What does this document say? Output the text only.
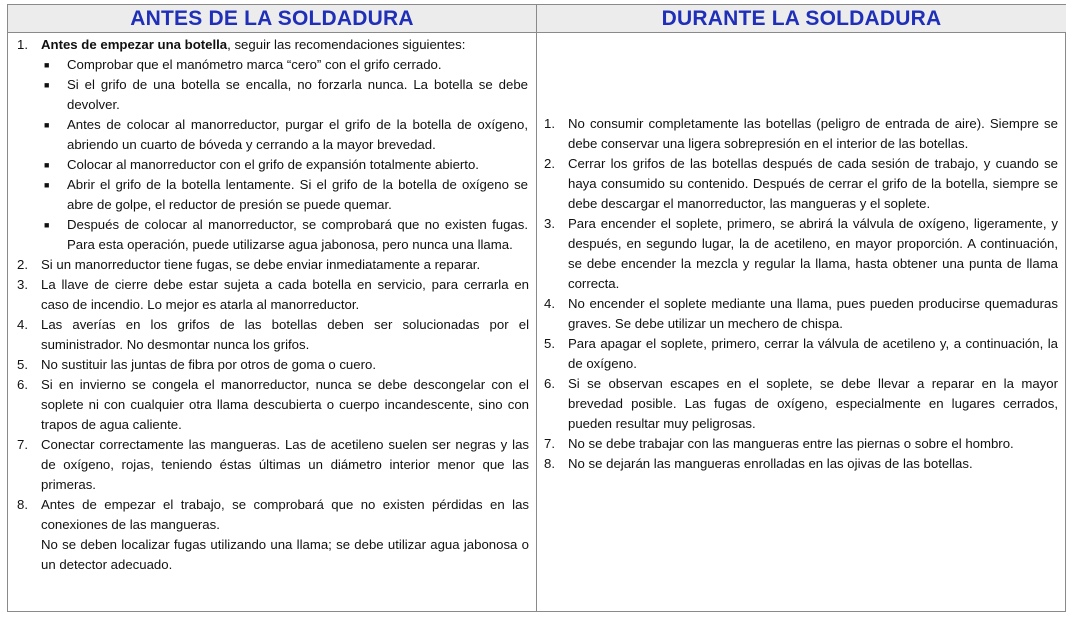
ANTES DE LA SOLDADURA	DURANTE LA SOLDADURA
1. Antes de empezar una botella, seguir las recomendaciones siguientes:
■	Comprobar que el manómetro marca “cero” con el grifo cerrado.
■	Si el grifo de una botella se encalla, no forzarla nunca. La botella se debe devolver.
■	Antes de colocar al manorreductor, purgar el grifo de la botella de oxígeno, abriendo un cuarto de bóveda y cerrando a la mayor brevedad.
■	Colocar al manorreductor con el grifo de expansión totalmente abierto.
■	Abrir el grifo de la botella lentamente. Si el grifo de la botella de oxígeno se abre de golpe, el reductor de presión se puede quemar.
■	Después de colocar al manorreductor, se comprobará que no existen fugas. Para esta operación, puede utilizarse agua jabonosa, pero nunca una llama.
2. Si un manorreductor tiene fugas, se debe enviar inmediatamente a reparar.
3. La llave de cierre debe estar sujeta a cada botella en servicio, para cerrarla en caso de incendio. Lo mejor es atarla al manorreductor.
4. Las averías en los grifos de las botellas deben ser solucionadas por el suministrador. No desmontar nunca los grifos.
5. No sustituir las juntas de fibra por otros de goma o cuero.
6. Si en invierno se congela el manorreductor, nunca se debe descongelar con el soplete ni con cualquier otra llama descubierta o cuerpo incandescente, sino con trapos de agua caliente.
7. Conectar correctamente las mangueras. Las de acetileno suelen ser negras y las de oxígeno, rojas, teniendo éstas últimas un diámetro interior menor que las primeras.
8. Antes de empezar el trabajo, se comprobará que no existen pérdidas en las conexiones de las mangueras.
No se deben localizar fugas utilizando una llama; se debe utilizar agua jabonosa o un detector adecuado.
1. No consumir completamente las botellas (peligro de entrada de aire). Siempre se debe conservar una ligera sobrepresión en el interior de las botellas.
2. Cerrar los grifos de las botellas después de cada sesión de trabajo, y cuando se haya consumido su contenido. Después de cerrar el grifo de la botella, siempre se debe descargar el manorreductor, las mangueras y el soplete.
3. Para encender el soplete, primero, se abrirá la válvula de oxígeno, ligeramente, y después, en segundo lugar, la de acetileno, en mayor proporción. A continuación, se debe encender la mezcla y regular la llama, hasta obtener una punta de llama correcta.
4. No encender el soplete mediante una llama, pues pueden producirse quemaduras graves. Se debe utilizar un mechero de chispa.
5. Para apagar el soplete, primero, cerrar la válvula de acetileno y, a continuación, la de oxígeno.
6. Si se observan escapes en el soplete, se debe llevar a reparar en la mayor brevedad posible. Las fugas de oxígeno, especialmente en lugares cerrados, pueden resultar muy peligrosas.
7. No se debe trabajar con las mangueras entre las piernas o sobre el hombro.
8. No se dejarán las mangueras enrolladas en las ojivas de las botellas.
